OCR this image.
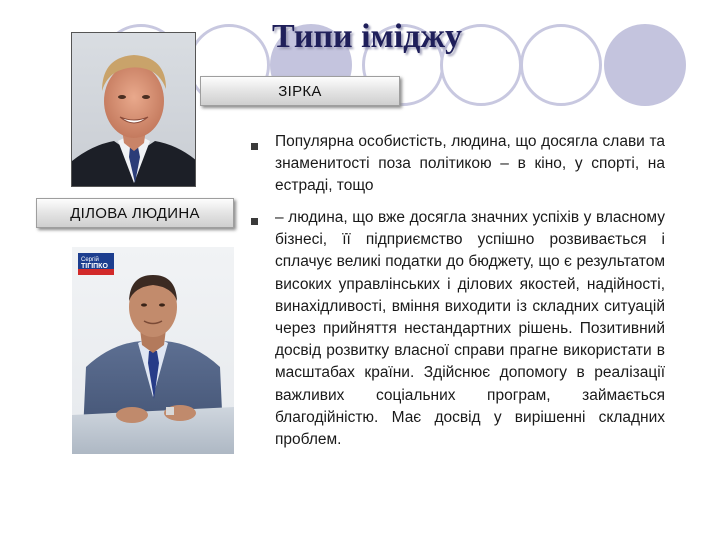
Типи іміджу
ЗІРКА
Сергій
ТІГІПКО
ДІЛОВА ЛЮДИНА
Популярна особистість, людина, що досягла слави та знаменитості поза політикою – в кіно, у спорті, на естраді, тощо
– людина, що вже досягла значних успіхів у власному бізнесі, її підприємство успішно розвивається і сплачує великі податки до бюджету, що є результатом високих управлінських і ділових якостей, надійності, винахідливості, вміння виходити із складних ситуацій через прийняття нестандартних рішень. Позитивний досвід розвитку власної справи прагне використати в масштабах країни. Здійснює допомогу в реалізації важливих соціальних програм, займається благодійністю. Має досвід у вирішенні складних проблем.
